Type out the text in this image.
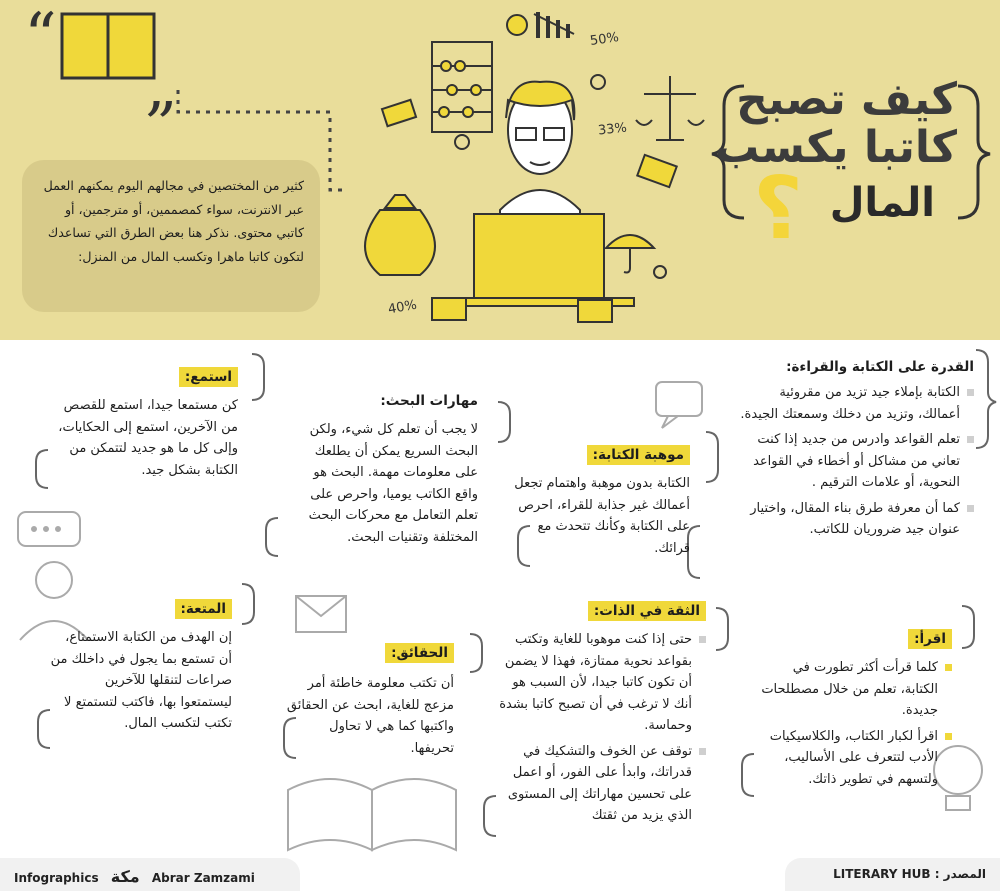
“
„
50%
33%
40%

كثير من المختصين في مجالهم اليوم يمكنهم العمل عبر الانترنت، سواء كمصممين، أو مترجمين، أو كاتبي محتوى. نذكر هنا بعض الطرق التي تساعدك لتكون كاتبا ماهرا وتكسب المال من المنزل:

كيف تصبح
كاتبا يكسب
المال
؟
القدرة على الكتابة والقراءة:
الكتابة بإملاء جيد تزيد من مقروئية أعمالك، وتزيد من دخلك وسمعتك الجيدة.
تعلم القواعد وادرس من جديد إذا كنت تعاني من مشاكل أو أخطاء في القواعد النحوية، أو علامات الترقيم .
كما أن معرفة طرق بناء المقال، واختيار عنوان جيد ضروريان للكاتب.
موهبة الكتابة:
الكتابة بدون موهبة واهتمام تجعل أعمالك غير جذابة للقراء، احرص على الكتابة وكأنك تتحدث مع قرائك.
مهارات البحث:
لا يجب أن تعلم كل شيء، ولكن البحث السريع يمكن أن يطلعك على معلومات مهمة. البحث هو واقع الكاتب يوميا، واحرص على تعلم التعامل مع محركات البحث المختلفة وتقنيات البحث.
استمع:
كن مستمعا جيدا، استمع للقصص من الآخرين، استمع إلى الحكايات، وإلى كل ما هو جديد لتتمكن من الكتابة بشكل جيد.
اقرأ:
كلما قرأت أكثر تطورت في الكتابة، تعلم من خلال مصطلحات جديدة.
اقرأ لكبار الكتاب، والكلاسيكيات الأدب لتتعرف على الأساليب، ولتسهم في تطوير ذاتك.
الثقة في الذات:
حتى إذا كنت موهوبا للغاية وتكتب بقواعد نحوية ممتازة، فهذا لا يضمن أن تكون كاتبا جيدا، لأن السبب هو أنك لا ترغب في أن تصبح كاتبا بشدة وحماسة.
توقف عن الخوف والتشكيك في قدراتك، وابدأ على الفور، أو اعمل على تحسين مهاراتك إلى المستوى الذي يزيد من ثقتك
الحقائق:
أن تكتب معلومة خاطئة أمر مزعج للغاية، ابحث عن الحقائق واكتبها كما هي لا تحاول تحريفها.
المتعة:
إن الهدف من الكتابة الاستمتاع، أن تستمع بما يجول في داخلك من صراعات لتنقلها للآخرين ليستمتعوا بها، فاكتب لتستمتع لا تكتب لتكسب المال.
Infographics مكة Abrar Zamzami	المصدر : LITERARY HUB
